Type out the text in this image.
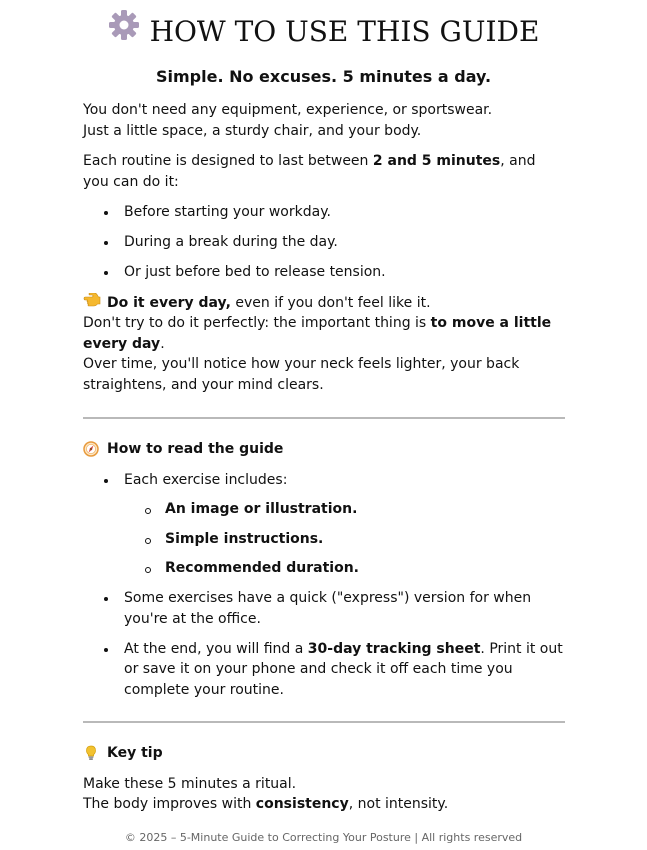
HOW TO USE THIS GUIDE
Simple. No excuses. 5 minutes a day.

You don't need any equipment, experience, or sportswear.
Just a little space, a sturdy chair, and your body.

Each routine is designed to last between 2 and 5 minutes, and you can do it:

Before starting your workday.
During a break during the day.
Or just before bed to release tension.

Do it every day, even if you don't feel like it.
Don't try to do it perfectly: the important thing is to move a little every day.
Over time, you'll notice how your neck feels lighter, your back straightens, and your mind clears.

How to read the guide
Each exercise includes:
An image or illustration.
Simple instructions.
Recommended duration.
Some exercises have a quick ("express") version for when you're at the office.
At the end, you will find a 30-day tracking sheet. Print it out or save it on your phone and check it off each time you complete your routine.
Key tip

Make these 5 minutes a ritual.
The body improves with consistency, not intensity.

© 2025 – 5-Minute Guide to Correcting Your Posture | All rights reserved
